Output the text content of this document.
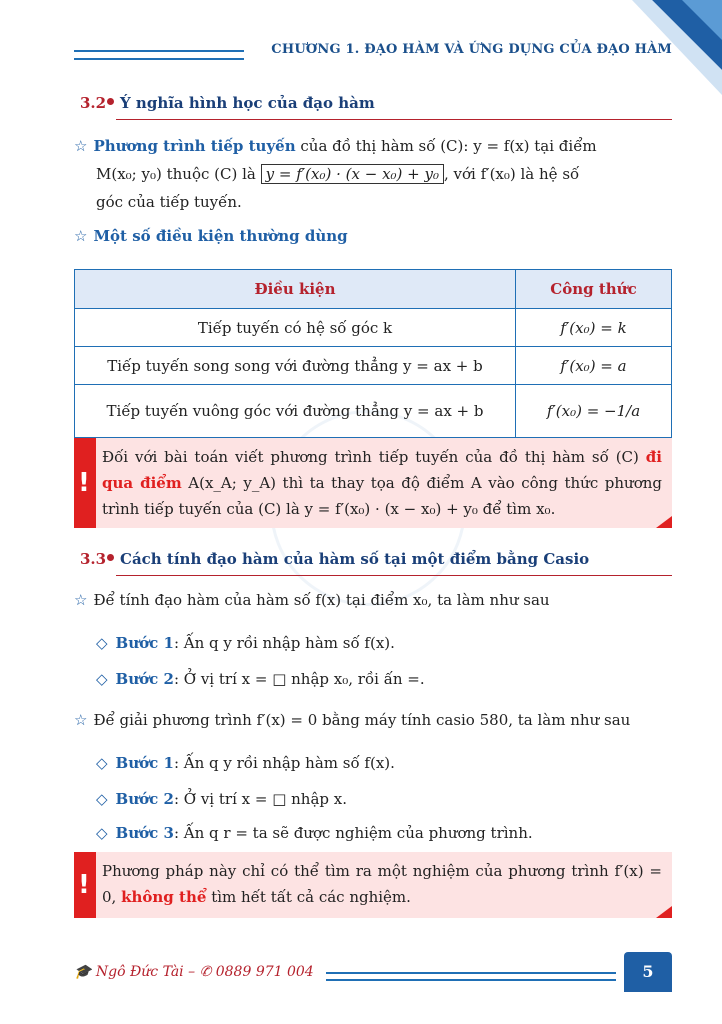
CHƯƠNG 1. ĐẠO HÀM VÀ ỨNG DỤNG CỦA ĐẠO HÀM
3.2 Ý nghĩa hình học của đạo hàm
☆ Phương trình tiếp tuyến của đồ thị hàm số (C): y = f(x) tại điểm
M(x₀; y₀) thuộc (C) là y = f′(x₀) · (x − x₀) + y₀ , với f′(x₀) là hệ số
góc của tiếp tuyến.
☆ Một số điều kiện thường dùng
Điều kiện	Công thức
Tiếp tuyến có hệ số góc k	f′(x₀) = k
Tiếp tuyến song song với đường thẳng y = ax + b	f′(x₀) = a
Tiếp tuyến vuông góc với đường thẳng y = ax + b	f′(x₀) = −1/a
!
Đối với bài toán viết phương trình tiếp tuyến của đồ thị hàm số (C) đi qua điểm A(x_A; y_A) thì ta thay tọa độ điểm A vào công thức phương trình tiếp tuyến của (C) là y = f′(x₀) · (x − x₀) + y₀ để tìm x₀.
3.3 Cách tính đạo hàm của hàm số tại một điểm bằng Casio
☆ Để tính đạo hàm của hàm số f(x) tại điểm x₀, ta làm như sau
◇ Bước 1: Ấn q y rồi nhập hàm số f(x).
◇ Bước 2: Ở vị trí x = □ nhập x₀, rồi ấn =.
☆ Để giải phương trình f′(x) = 0 bằng máy tính casio 580, ta làm như sau
◇ Bước 1: Ấn q y rồi nhập hàm số f(x).
◇ Bước 2: Ở vị trí x = □ nhập x.
◇ Bước 3: Ấn q r = ta sẽ được nghiệm của phương trình.
! Phương pháp này chỉ có thể tìm ra một nghiệm của phương trình f′(x) = 0, không thể tìm hết tất cả các nghiệm.
🎓 Ngô Đức Tài – ✆ 0889 971 004	5
